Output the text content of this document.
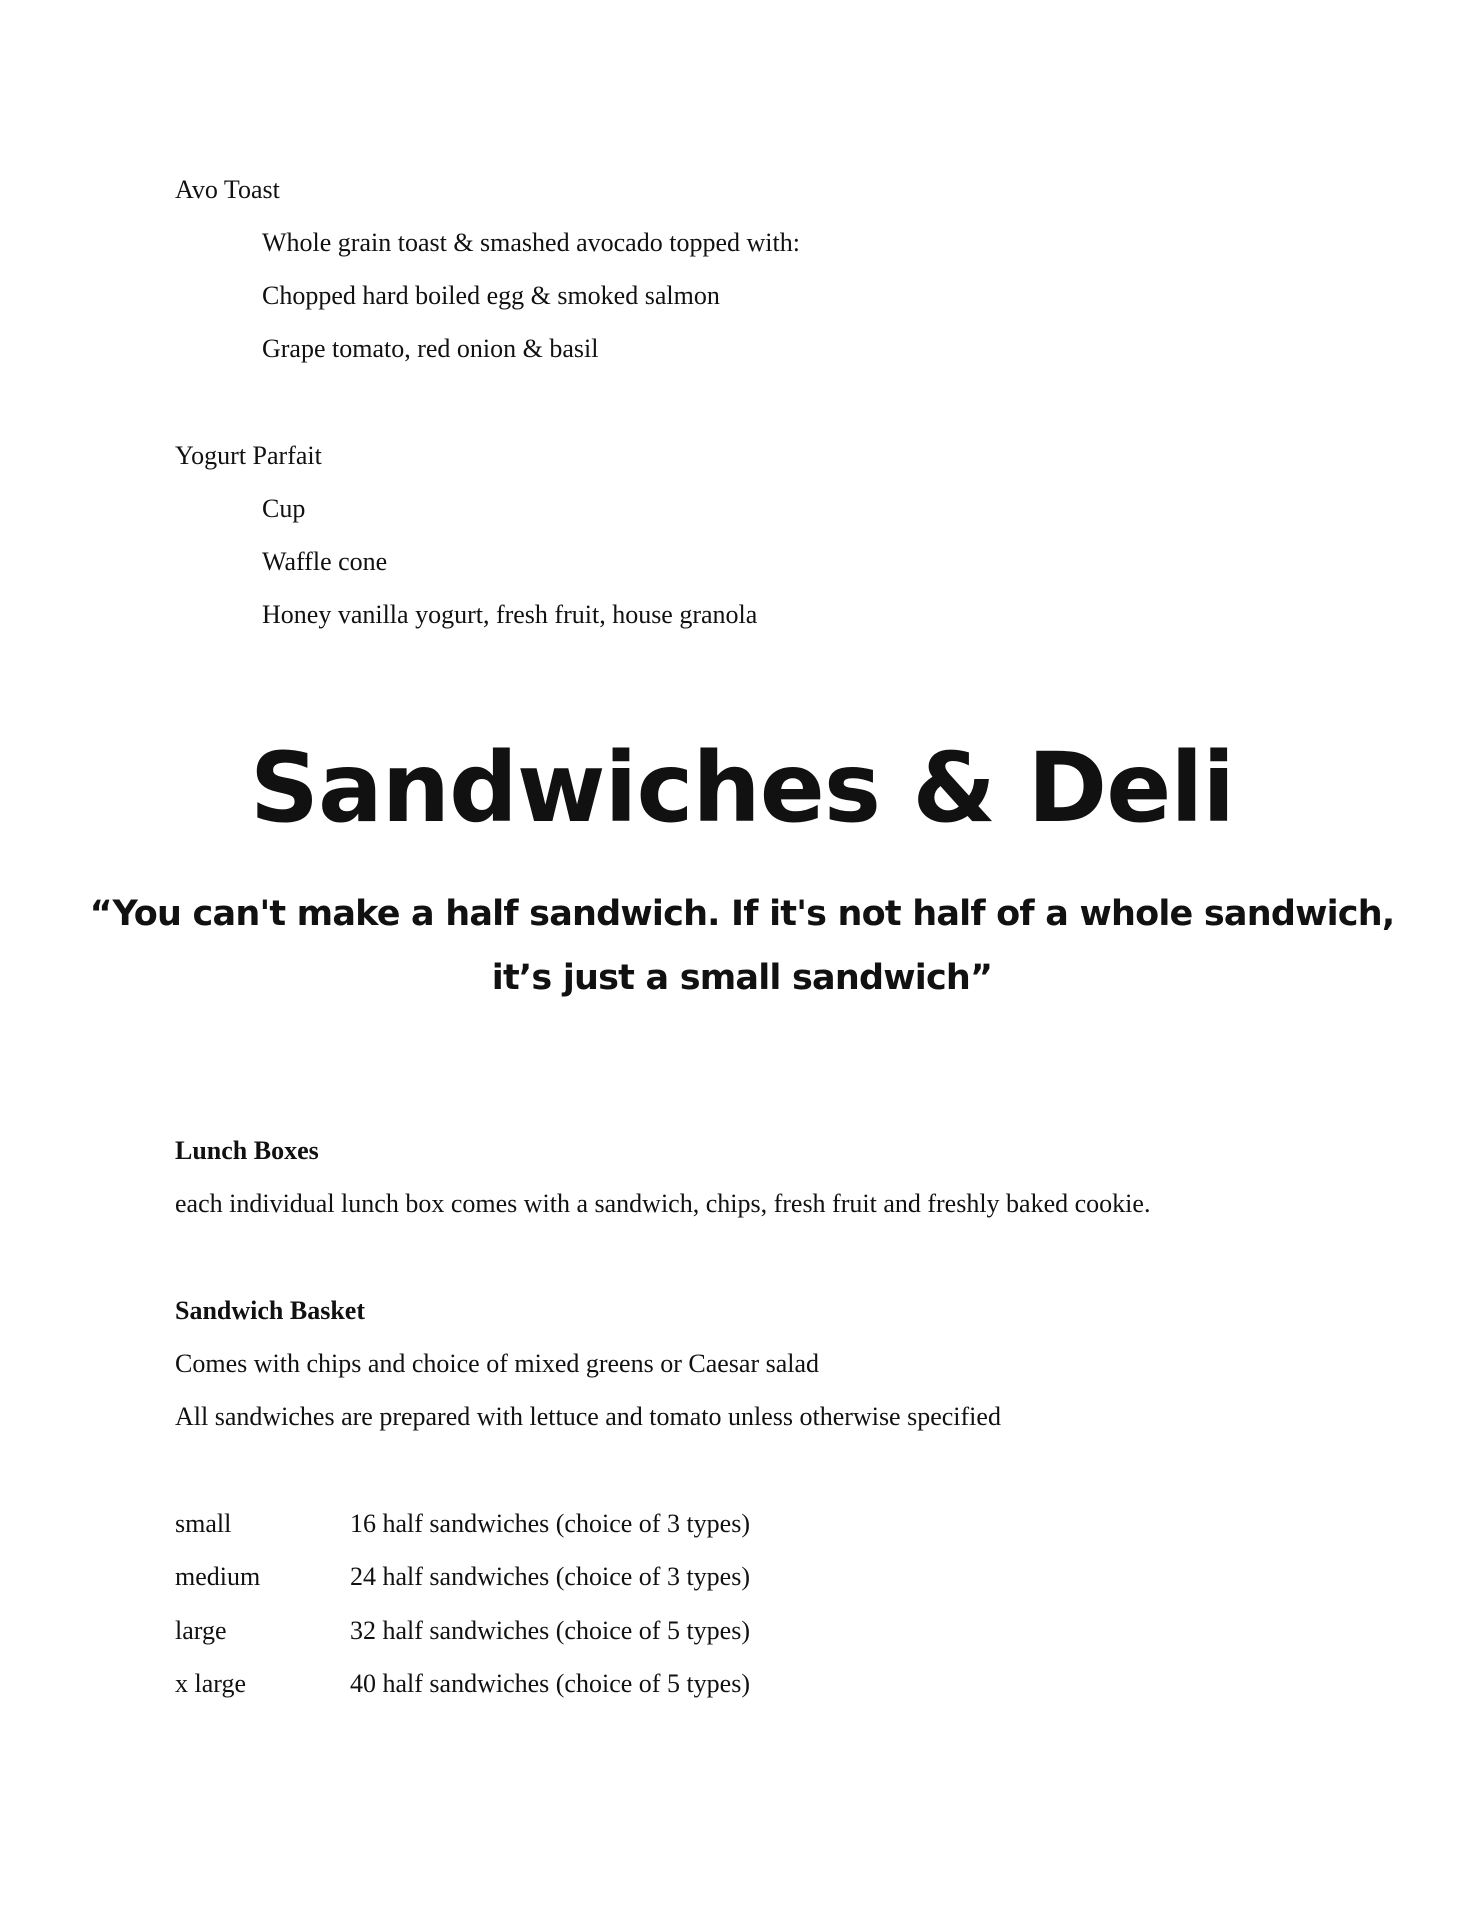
Avo Toast
Whole grain toast & smashed avocado topped with:
Chopped hard boiled egg & smoked salmon
Grape tomato, red onion & basil
Yogurt Parfait
Cup
Waffle cone
Honey vanilla yogurt, fresh fruit, house granola
Sandwiches & Deli
“You can't make a half sandwich. If it's not half of a whole sandwich,
it’s just a small sandwich”
Lunch Boxes
each individual lunch box comes with a sandwich, chips, fresh fruit and freshly baked cookie.
Sandwich Basket
Comes with chips and choice of mixed greens or Caesar salad
All sandwiches are prepared with lettuce and tomato unless otherwise specified
small	16 half sandwiches (choice of 3 types)
medium	24 half sandwiches (choice of 3 types)
large	32 half sandwiches (choice of 5 types)
x large	40 half sandwiches (choice of 5 types)
